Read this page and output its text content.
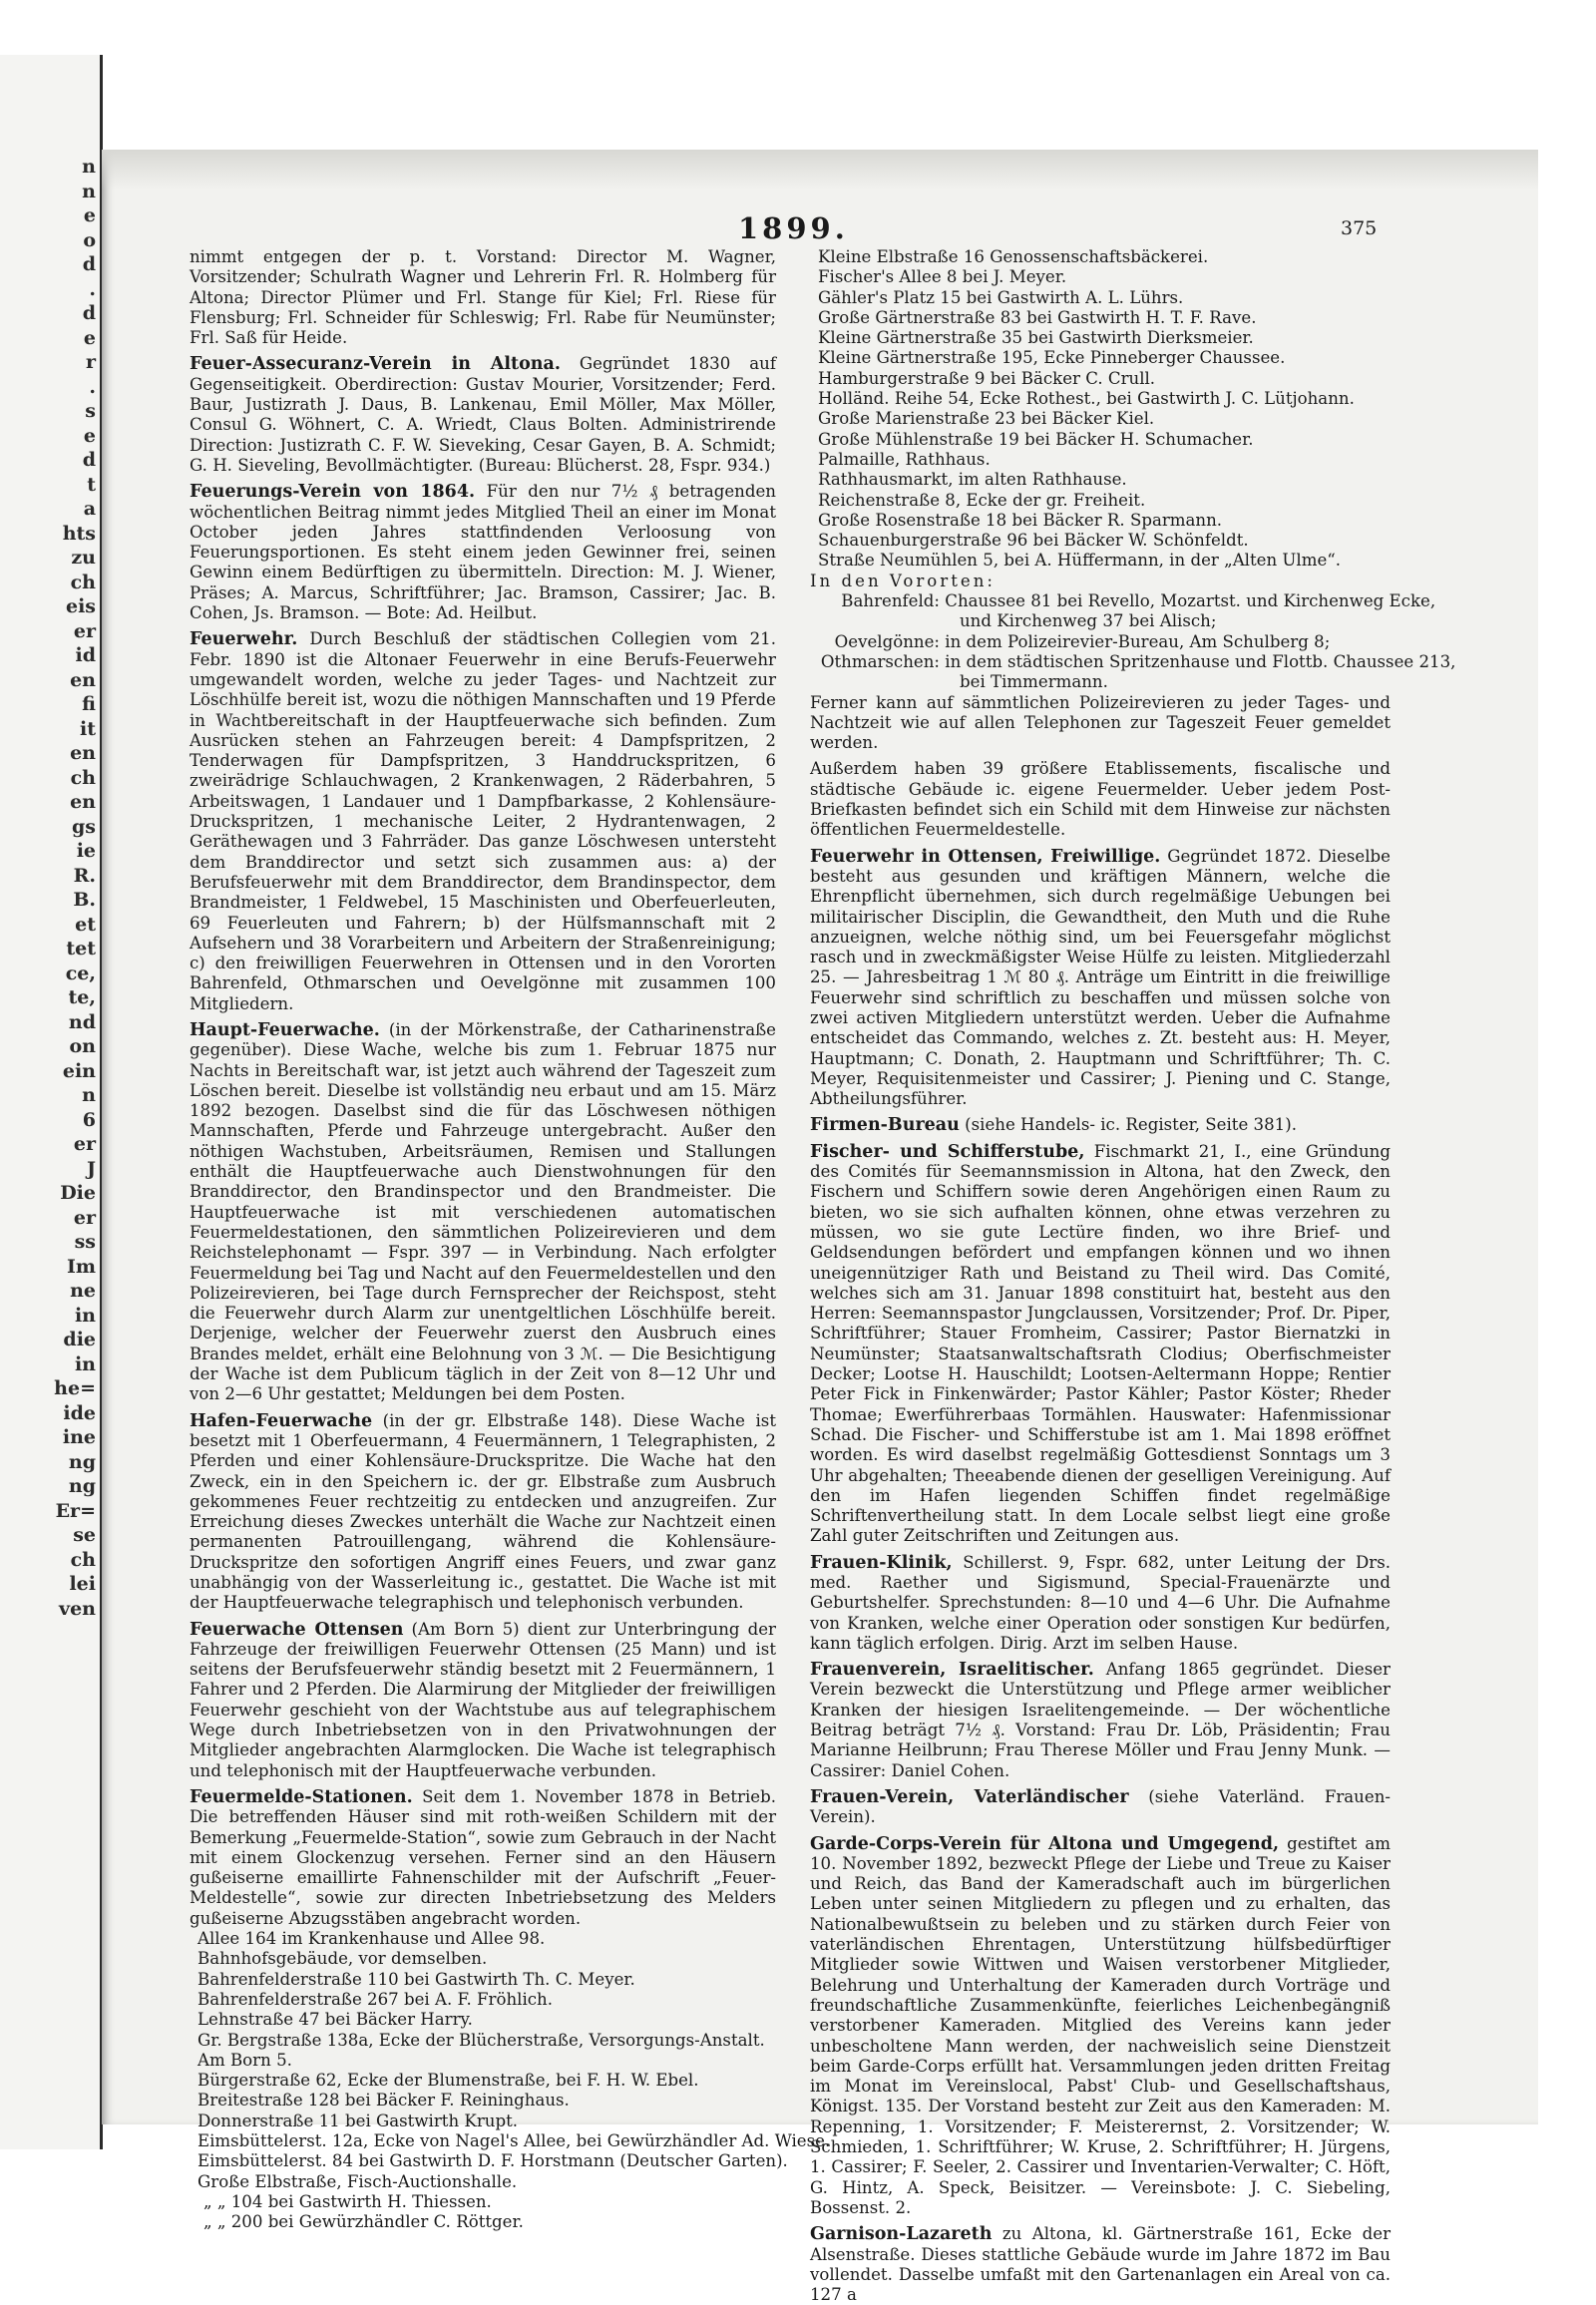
n
n
e
o
d
.
d
e
r
.
s
e
d
t
a
hts
zu
ch
eis
er
id
en
fi
it
en
ch
en
gs
ie
R.
B.
et
tet
ce,
te,
nd
on
ein
n
6
er
J
Die
er
ss
Im
ne
in
die
in
he=
ide
ine
ng
ng
Er=
se
ch
lei
ven
1899.	375

nimmt entgegen der p. t. Vorstand: Director M. Wagner, Vorsitzender; Schulrath Wagner und Lehrerin Frl. R. Holmberg für Altona; Director Plümer und Frl. Stange für Kiel; Frl. Riese für Flensburg; Frl. Schneider für Schleswig; Frl. Rabe für Neumünster; Frl. Saß für Heide.

Feuer-Assecuranz-Verein in Altona. Gegründet 1830 auf Gegenseitigkeit. Oberdirection: Gustav Mourier, Vorsitzender; Ferd. Baur, Justizrath J. Daus, B. Lankenau, Emil Möller, Max Möller, Consul G. Wöhnert, C. A. Wriedt, Claus Bolten. Administrirende Direction: Justizrath C. F. W. Sieveking, Cesar Gayen, B. A. Schmidt; G. H. Sieveling, Bevollmächtigter. (Bureau: Blücherst. 28, Fspr. 934.)

Feuerungs-Verein von 1864. Für den nur 7½ ₰ betragenden wöchentlichen Beitrag nimmt jedes Mitglied Theil an einer im Monat October jeden Jahres stattfindenden Verloosung von Feuerungsportionen. Es steht einem jeden Gewinner frei, seinen Gewinn einem Bedürftigen zu übermitteln. Direction: M. J. Wiener, Präses; A. Marcus, Schriftführer; Jac. Bramson, Cassirer; Jac. B. Cohen, Js. Bramson. — Bote: Ad. Heilbut.

Feuerwehr. Durch Beschluß der städtischen Collegien vom 21. Febr. 1890 ist die Altonaer Feuerwehr in eine Berufs-Feuerwehr umgewandelt worden, welche zu jeder Tages- und Nachtzeit zur Löschhülfe bereit ist, wozu die nöthigen Mannschaften und 19 Pferde in Wachtbereitschaft in der Hauptfeuerwache sich befinden. Zum Ausrücken stehen an Fahrzeugen bereit: 4 Dampfspritzen, 2 Tenderwagen für Dampfspritzen, 3 Handdruckspritzen, 6 zweirädrige Schlauchwagen, 2 Krankenwagen, 2 Räderbahren, 5 Arbeitswagen, 1 Landauer und 1 Dampfbarkasse, 2 Kohlensäure-Druckspritzen, 1 mechanische Leiter, 2 Hydrantenwagen, 2 Geräthewagen und 3 Fahrräder. Das ganze Löschwesen untersteht dem Branddirector und setzt sich zusammen aus: a) der Berufsfeuerwehr mit dem Branddirector, dem Brandinspector, dem Brandmeister, 1 Feldwebel, 15 Maschinisten und Oberfeuerleuten, 69 Feuerleuten und Fahrern; b) der Hülfsmannschaft mit 2 Aufsehern und 38 Vorarbeitern und Arbeitern der Straßenreinigung; c) den freiwilligen Feuerwehren in Ottensen und in den Vororten Bahrenfeld, Othmarschen und Oevelgönne mit zusammen 100 Mitgliedern.

Haupt-Feuerwache. (in der Mörkenstraße, der Catharinenstraße gegenüber). Diese Wache, welche bis zum 1. Februar 1875 nur Nachts in Bereitschaft war, ist jetzt auch während der Tageszeit zum Löschen bereit. Dieselbe ist vollständig neu erbaut und am 15. März 1892 bezogen. Daselbst sind die für das Löschwesen nöthigen Mannschaften, Pferde und Fahrzeuge untergebracht. Außer den nöthigen Wachstuben, Arbeitsräumen, Remisen und Stallungen enthält die Hauptfeuerwache auch Dienstwohnungen für den Branddirector, den Brandinspector und den Brandmeister. Die Hauptfeuerwache ist mit verschiedenen automatischen Feuermeldestationen, den sämmtlichen Polizeirevieren und dem Reichstelephonamt — Fspr. 397 — in Verbindung. Nach erfolgter Feuermeldung bei Tag und Nacht auf den Feuermeldestellen und den Polizeirevieren, bei Tage durch Fernsprecher der Reichspost, steht die Feuerwehr durch Alarm zur unentgeltlichen Löschhülfe bereit. Derjenige, welcher der Feuerwehr zuerst den Ausbruch eines Brandes meldet, erhält eine Belohnung von 3 ℳ. — Die Besichtigung der Wache ist dem Publicum täglich in der Zeit von 8—12 Uhr und von 2—6 Uhr gestattet; Meldungen bei dem Posten.

Hafen-Feuerwache (in der gr. Elbstraße 148). Diese Wache ist besetzt mit 1 Oberfeuermann, 4 Feuermännern, 1 Telegraphisten, 2 Pferden und einer Kohlensäure-Druckspritze. Die Wache hat den Zweck, ein in den Speichern ic. der gr. Elbstraße zum Ausbruch gekommenes Feuer rechtzeitig zu entdecken und anzugreifen. Zur Erreichung dieses Zweckes unterhält die Wache zur Nachtzeit einen permanenten Patrouillengang, während die Kohlensäure-Druckspritze den sofortigen Angriff eines Feuers, und zwar ganz unabhängig von der Wasserleitung ic., gestattet. Die Wache ist mit der Hauptfeuerwache telegraphisch und telephonisch verbunden.

Feuerwache Ottensen (Am Born 5) dient zur Unterbringung der Fahrzeuge der freiwilligen Feuerwehr Ottensen (25 Mann) und ist seitens der Berufsfeuerwehr ständig besetzt mit 2 Feuermännern, 1 Fahrer und 2 Pferden. Die Alarmirung der Mitglieder der freiwilligen Feuerwehr geschieht von der Wachtstube aus auf telegraphischem Wege durch Inbetriebsetzen von in den Privatwohnungen der Mitglieder angebrachten Alarmglocken. Die Wache ist telegraphisch und telephonisch mit der Hauptfeuerwache verbunden.

Feuermelde-Stationen. Seit dem 1. November 1878 in Betrieb. Die betreffenden Häuser sind mit roth-weißen Schildern mit der Bemerkung „Feuermelde-Station“, sowie zum Gebrauch in der Nacht mit einem Glockenzug versehen. Ferner sind an den Häusern gußeiserne emaillirte Fahnenschilder mit der Aufschrift „Feuer-Meldestelle“, sowie zur directen Inbetriebsetzung des Melders gußeiserne Abzugsstäben angebracht worden.

Allee 164 im Krankenhause und Allee 98.

Bahnhofsgebäude, vor demselben.

Bahrenfelderstraße 110 bei Gastwirth Th. C. Meyer.

Bahrenfelderstraße 267 bei A. F. Fröhlich.

Lehnstraße 47 bei Bäcker Harry.

Gr. Bergstraße 138a, Ecke der Blücherstraße, Versorgungs-Anstalt.

Am Born 5.

Bürgerstraße 62, Ecke der Blumenstraße, bei F. H. W. Ebel.

Breitestraße 128 bei Bäcker F. Reininghaus.

Donnerstraße 11 bei Gastwirth Krupt.

Eimsbüttelerst. 12a, Ecke von Nagel's Allee, bei Gewürzhändler Ad. Wiese.

Eimsbüttelerst. 84 bei Gastwirth D. F. Horstmann (Deutscher Garten).

Große Elbstraße, Fisch-Auctionshalle.

„ „ 104 bei Gastwirth H. Thiessen.

„ „ 200 bei Gewürzhändler C. Röttger.

Kleine Elbstraße 16 Genossenschaftsbäckerei.

Fischer's Allee 8 bei J. Meyer.

Gähler's Platz 15 bei Gastwirth A. L. Lührs.

Große Gärtnerstraße 83 bei Gastwirth H. T. F. Rave.

Kleine Gärtnerstraße 35 bei Gastwirth Dierksmeier.

Kleine Gärtnerstraße 195, Ecke Pinneberger Chaussee.

Hamburgerstraße 9 bei Bäcker C. Crull.

Holländ. Reihe 54, Ecke Rothest., bei Gastwirth J. C. Lütjohann.

Große Marienstraße 23 bei Bäcker Kiel.

Große Mühlenstraße 19 bei Bäcker H. Schumacher.

Palmaille, Rathhaus.

Rathhausmarkt, im alten Rathhause.

Reichenstraße 8, Ecke der gr. Freiheit.

Große Rosenstraße 18 bei Bäcker R. Sparmann.

Schauenburgerstraße 96 bei Bäcker W. Schönfeldt.

Straße Neumühlen 5, bei A. Hüffermann, in der „Alten Ulme“.

In den Vororten:

Bahrenfeld: Chaussee 81 bei Revello, Mozartst. und Kirchenweg Ecke,

und Kirchenweg 37 bei Alisch;

Oevelgönne: in dem Polizeirevier-Bureau, Am Schulberg 8;

Othmarschen: in dem städtischen Spritzenhause und Flottb. Chaussee 213,

bei Timmermann.

Ferner kann auf sämmtlichen Polizeirevieren zu jeder Tages- und Nachtzeit wie auf allen Telephonen zur Tageszeit Feuer gemeldet werden.

Außerdem haben 39 größere Etablissements, fiscalische und städtische Gebäude ic. eigene Feuermelder. Ueber jedem Post-Briefkasten befindet sich ein Schild mit dem Hinweise zur nächsten öffentlichen Feuermeldestelle.

Feuerwehr in Ottensen, Freiwillige. Gegründet 1872. Dieselbe besteht aus gesunden und kräftigen Männern, welche die Ehrenpflicht übernehmen, sich durch regelmäßige Uebungen bei militairischer Disciplin, die Gewandtheit, den Muth und die Ruhe anzueignen, welche nöthig sind, um bei Feuersgefahr möglichst rasch und in zweckmäßigster Weise Hülfe zu leisten. Mitgliederzahl 25. — Jahresbeitrag 1 ℳ 80 ₰. Anträge um Eintritt in die freiwillige Feuerwehr sind schriftlich zu beschaffen und müssen solche von zwei activen Mitgliedern unterstützt werden. Ueber die Aufnahme entscheidet das Commando, welches z. Zt. besteht aus: H. Meyer, Hauptmann; C. Donath, 2. Hauptmann und Schriftführer; Th. C. Meyer, Requisitenmeister und Cassirer; J. Piening und C. Stange, Abtheilungsführer.

Firmen-Bureau (siehe Handels- ic. Register, Seite 381).

Fischer- und Schifferstube, Fischmarkt 21, I., eine Gründung des Comités für Seemannsmission in Altona, hat den Zweck, den Fischern und Schiffern sowie deren Angehörigen einen Raum zu bieten, wo sie sich aufhalten können, ohne etwas verzehren zu müssen, wo sie gute Lectüre finden, wo ihre Brief- und Geldsendungen befördert und empfangen können und wo ihnen uneigennütziger Rath und Beistand zu Theil wird. Das Comité, welches sich am 31. Januar 1898 constituirt hat, besteht aus den Herren: Seemannspastor Jungclaussen, Vorsitzender; Prof. Dr. Piper, Schriftführer; Stauer Fromheim, Cassirer; Pastor Biernatzki in Neumünster; Staatsanwaltschaftsrath Clodius; Oberfischmeister Decker; Lootse H. Hauschildt; Lootsen-Aeltermann Hoppe; Rentier Peter Fick in Finkenwärder; Pastor Kähler; Pastor Köster; Rheder Thomae; Ewerführerbaas Tormählen. Hauswater: Hafenmissionar Schad. Die Fischer- und Schifferstube ist am 1. Mai 1898 eröffnet worden. Es wird daselbst regelmäßig Gottesdienst Sonntags um 3 Uhr abgehalten; Theeabende dienen der geselligen Vereinigung. Auf den im Hafen liegenden Schiffen findet regelmäßige Schriftenvertheilung statt. In dem Locale selbst liegt eine große Zahl guter Zeitschriften und Zeitungen aus.

Frauen-Klinik, Schillerst. 9, Fspr. 682, unter Leitung der Drs. med. Raether und Sigismund, Special-Frauenärzte und Geburtshelfer. Sprechstunden: 8—10 und 4—6 Uhr. Die Aufnahme von Kranken, welche einer Operation oder sonstigen Kur bedürfen, kann täglich erfolgen. Dirig. Arzt im selben Hause.

Frauenverein, Israelitischer. Anfang 1865 gegründet. Dieser Verein bezweckt die Unterstützung und Pflege armer weiblicher Kranken der hiesigen Israelitengemeinde. — Der wöchentliche Beitrag beträgt 7½ ₰. Vorstand: Frau Dr. Löb, Präsidentin; Frau Marianne Heilbrunn; Frau Therese Möller und Frau Jenny Munk. — Cassirer: Daniel Cohen.

Frauen-Verein, Vaterländischer (siehe Vaterländ. Frauen-Verein).

Garde-Corps-Verein für Altona und Umgegend, gestiftet am 10. November 1892, bezweckt Pflege der Liebe und Treue zu Kaiser und Reich, das Band der Kameradschaft auch im bürgerlichen Leben unter seinen Mitgliedern zu pflegen und zu erhalten, das Nationalbewußtsein zu beleben und zu stärken durch Feier von vaterländischen Ehrentagen, Unterstützung hülfsbedürftiger Mitglieder sowie Wittwen und Waisen verstorbener Mitglieder, Belehrung und Unterhaltung der Kameraden durch Vorträge und freundschaftliche Zusammenkünfte, feierliches Leichenbegängniß verstorbener Kameraden. Mitglied des Vereins kann jeder unbescholtene Mann werden, der nachweislich seine Dienstzeit beim Garde-Corps erfüllt hat. Versammlungen jeden dritten Freitag im Monat im Vereinslocal, Pabst' Club- und Gesellschaftshaus, Königst. 135. Der Vorstand besteht zur Zeit aus den Kameraden: M. Repenning, 1. Vorsitzender; F. Meisterernst, 2. Vorsitzender; W. Schmieden, 1. Schriftführer; W. Kruse, 2. Schriftführer; H. Jürgens, 1. Cassirer; F. Seeler, 2. Cassirer und Inventarien-Verwalter; C. Höft, G. Hintz, A. Speck, Beisitzer. — Vereinsbote: J. C. Siebeling, Bossenst. 2.

Garnison-Lazareth zu Altona, kl. Gärtnerstraße 161, Ecke der Alsenstraße. Dieses stattliche Gebäude wurde im Jahre 1872 im Bau vollendet. Dasselbe umfaßt mit den Gartenanlagen ein Areal von ca. 127 a
